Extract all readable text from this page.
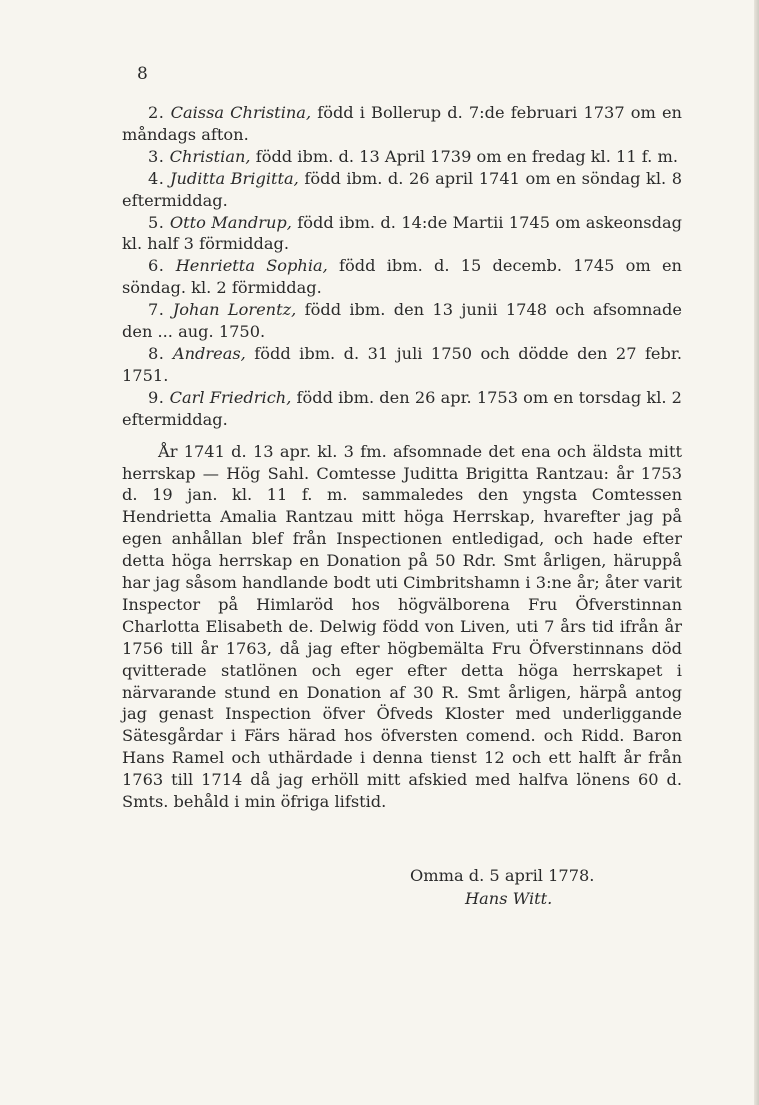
8

2. Caissa Christina, född i Bollerup d. 7:de februari 1737 om en måndags afton.

3. Christian, född ibm. d. 13 April 1739 om en fredag kl. 11 f. m.

4. Juditta Brigitta, född ibm. d. 26 april 1741 om en söndag kl. 8 eftermiddag.

5. Otto Mandrup, född ibm. d. 14:de Martii 1745 om askeonsdag kl. half 3 förmiddag.

6. Henrietta Sophia, född ibm. d. 15 decemb. 1745 om en söndag. kl. 2 förmiddag.

7. Johan Lorentz, född ibm. den 13 junii 1748 och afsomnade den ... aug. 1750.

8. Andreas, född ibm. d. 31 juli 1750 och dödde den 27 febr. 1751.

9. Carl Friedrich, född ibm. den 26 apr. 1753 om en torsdag kl. 2 eftermiddag.

År 1741 d. 13 apr. kl. 3 fm. afsomnade det ena och äldsta mitt herrskap — Hög Sahl. Comtesse Juditta Brigitta Rantzau: år 1753 d. 19 jan. kl. 11 f. m. sammaledes den yngsta Comtessen Hendrietta Amalia Rantzau mitt höga Herrskap, hvarefter jag på egen anhållan blef från Inspectionen entledigad, och hade efter detta höga herrskap en Donation på 50 Rdr. Smt årligen, häruppå har jag såsom handlande bodt uti Cimbritshamn i 3:ne år; åter varit Inspector på Himlaröd hos högvälborena Fru Öfverstinnan Charlotta Elisabeth de. Delwig född von Liven, uti 7 års tid ifrån år 1756 till år 1763, då jag efter högbemälta Fru Öfverstinnans död qvitterade statlönen och eger efter detta höga herrskapet i närvarande stund en Donation af 30 R. Smt årligen, härpå antog jag genast Inspection öfver Öfveds Kloster med underliggande Sätesgårdar i Färs härad hos öfversten comend. och Ridd. Baron Hans Ramel och uthärdade i denna tienst 12 och ett halft år från 1763 till 1714 då jag erhöll mitt afskied med halfva lönens 60 d. Smts. behåld i min öfriga lifstid.

Omma d. 5 april 1778.

Hans Witt.
